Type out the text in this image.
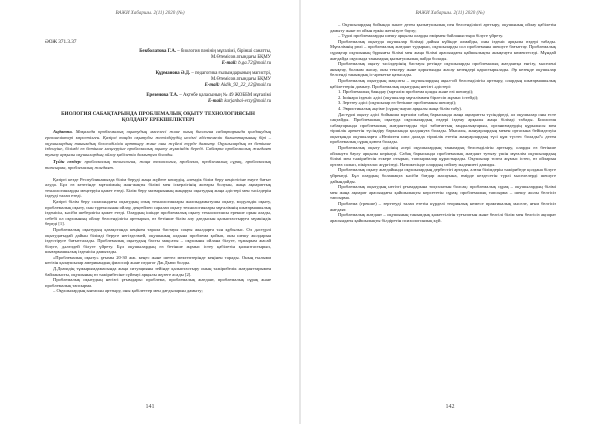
ВАЖИ Хабаршы. 2(11) 2020 (№)
141
ВАЖИ Хабаршы. 2(11) 2020 (№)
142
ӘОЖ 371.3.37
Бекболатова Г.А. – биология пәнінің мұғалімі, бірінші санатты,
М.Өтемісов атындағы БҚМУ
E-mail: b.ga.72@mail.ru
Құрманова Ә.Д. – педагогика ғылымдарының магистрі,
М.Өтемісов атындағы БҚМУ
E-mail: Aidik_92_22_12@mail.ru
Ерезенова Т.А. – Ақтөбе қаласының № 49 ЖОББМ мұғалімі
E-mail: karjanbai-erzy@mail.ru
БИОЛОГИЯ САБАҚТАРЫНДА ПРОБЛЕМАЛЫҚ ОҚЫТУ ТЕХНОЛОГИЯСЫН ҚОЛДАНУ ЕРЕКШЕЛІКТЕРІ

Аңдатпа. Мақалада проблемалық оқытудың мәселесі және оның биология сабақтарында қолданудың ерекшеліктері көрсетілген. Қазіргі таңда оқытуды жетілдірудің негізгі әдістемелік бағыттарының бірі – оқушылардың танымдық белсенділігін арттыру және оны жүйелі түрде дамыту. Оқушылардың өз бетінше ізденуіне, білімді өз бетінше меңгеруіне проблемалық оқыту мүмкіндік береді. Сабақта проблемалық жағдаят туғызу арқылы оқушылардың ойлау қабілетін дамытуға болады.

Түйін сөздер: проблемалық технология, жаңа технология, проблема, проблемалық сұрақ, проблемалық тапсырма, проблемалық жағдаят.

Қазіргі кезде Республикамызда білім беруді жаңа жүйеге көшудің, әлемдік білім беру кеңістігіне енуге бағыт алуда. Бұл өз кезегінде мұғалімнің жан-жақты білімі мен іскерлігінің жоғары болуын, жаңа ақпараттық технологияларды меңгеруін қажет етеді. Білім беру мазмұнының жаңаруы оқытудың жаңа әдістері мен тәсілдерін іздеуді талап етеді.

Қазіргі білім беру саласындағы оқытудың озық технологиялары жалпыдамытушы оқыту, модульдік оқыту, проблемалық оқыту, сын тұрғысынан ойлау, деңгейлеп саралап оқыту технологиялары мұғалімнің шығармашылық ізденісін, кәсіби шеберлігін қажет етеді. Олардың ішінде проблемалық оқыту технологиясы ерекше орын алады, себебі ол оқушының ойлау белсенділігін арттырып, өз бетінше білім алу дағдысын қалыптастыруға мүмкіндік береді [1].

Проблемалық оқытудың қазақстанда кеңінен тарала бастауы соңғы жылдарға тән құбылыс. Ол дәстүрлі оқытудағыдай дайын білімді беруге негізделмей, оқушының алдына проблема қойып, оны шешу жолдарын іздестіруге бағытталады. Проблемалық оқытудың басты мақсаты – оқушыны ойлана білуге, тұжырым жасай білуге, дәлелдей білуге үйрету. Бұл оқушылардың өз бетінше жұмыс істеу қабілетін қалыптастырып, шығармашылық ізденісін дамытады.

«Проблемалық оқыту» ұғымы 20-30 жж. кеңес және шетел мектептерінде кеңінен тарады. Оның ғылыми негізін қалаушылар американдық философ және педагог Дж.Дьюи болды.

Д.Дьюидің тұжырымдамасында жаңа ситуацияны зейінде қалыптастыру оның тәжірибелік жағдаяттарымен байланысты, оқушының өз тәжірибесіне сүйенуі арқылы жүзеге асады [2].

Проблемалық оқытудың негізгі ұғымдары: проблема, проблемалық жағдаят, проблемалық сұрақ және проблемалық тапсырма.

– Оқушылардың ынтасын арттыру, оны қабілеттер мен дағдыларын дамыту;

– Оқушылардың бойында пәнге деген қызығушылық пен белсенділікті арттыру, оқушының ойлау қабілетін дамыту және өз ойын еркін жеткізуге баулу;

– Түрлі проблемаларды шешу арқылы оларды өмірмен байланыстыра білуге үйрету.

Проблемалық оқытуда оқушылар білімді дайын күйінде алмайды, оны ізденіс арқылы өздері табады. Мұғалімнің рөлі – проблемалық жағдаят тудырып, оқушыларды сол проблеманы шешуге бағыттау. Проблемалық сұрақтар оқушының бұрынғы білімі мен жаңа білімі арасындағы қайшылықты анықтауға көмектеседі. Мұндай жағдайда оқушыда танымдық қызығушылық пайда болады.

Проблемалық оқыту тәсілдерінің бастауы ретінде оқушыларды проблемалық жағдаятқа енгізу, мәселені анықтау, болжам жасау, оны тексеру және қорытынды жасау кезеңдері қарастырылады. Әр кезеңде оқушылар белсенді танымдық іс-әрекетке қатысады.

Проблемалық оқытудың мақсаты – оқушылардың ақыл-ой белсенділігін арттыру, олардың шығармашылық қабілеттерін дамыту. Проблемалық оқытудың негізгі әдістері:

1. Проблемалық баяндау (мұғалім проблема қояды және өзі шешеді);

2. Ішінара ізденіс әдісі (оқушылар мұғаліммен бірлесіп жұмыс істейді);

3. Зерттеу әдісі (оқушылар өз бетінше проблеманы шешеді);

4. Эвристикалық әңгіме (сұрақ-жауап арқылы жаңа білім табу).

Дәстүрлі оқыту әдісі бойынша мұғалім сабақ барысында жаңа ақпаратты түсіндіреді, ал оқушылар оны есте сақтайды. Проблемалық оқытуда оқушылардың өздері іздену арқылы жаңа білімді табады. Биология сабақтарында проблемалық жағдаяттарды тірі табиғаттың заңдылықтарын, организмдердің құрылысы мен тіршілік әрекетін түсіндіру барысында қолдануға болады. Мысалы, жануарлардың мекен ортасына бейімделуін оқытқанда оқушыларға «Неліктен шөл далада тіршілік ететін жануарлардың түсі құм түстес болады?» деген проблемалық сұрақ қоюға болады.

Проблемалық оқыту әдісінің әсері оқушылардың танымдық белсенділігін арттыру, оларды өз бетінше ойлануға баулу арқылы көрінеді. Сабақ барысында проблемалық жағдаят туғызу үшін мұғалім оқушылардың білімі мен тәжірибесін ескере отырып, тапсырмалар құрастырады. Оқушылар топта жұмыс істеп, өз ойларын ортаға салып, пікірталас жүргізеді. Нәтижесінде олардың сөйлеу мәдениеті дамиды.

Проблемалық оқыту жағдайында оқушылардың дербестігі артады, алған білімдерін тәжірибеде қолдана білуге үйренеді. Бұл олардың болашақта кәсіби бағдар жасауына, өмірде кездесетін түрлі мәселелерді шешуге дайындайды.

Проблемалық оқытудың негізгі ұғымдарына тоқталатын болсақ: проблемалық сұрақ – оқушылардың білімі мен жаңа ақпарат арасындағы қайшылықты көрсететін сұрақ; проблемалық тапсырма – шешу жолы белгісіз тапсырма.

Проблема (грекше) – зерттеуді талап ететін күрделі теориялық немесе практикалық мәселе, яғни белгісіз жағдаят.

Проблемалық жағдаят – оқушының танымдық қажеттілігін туғызатын және белгілі білім мен белгісіз ақпарат арасындағы қайшылықты білдіретін психологиялық күй.
